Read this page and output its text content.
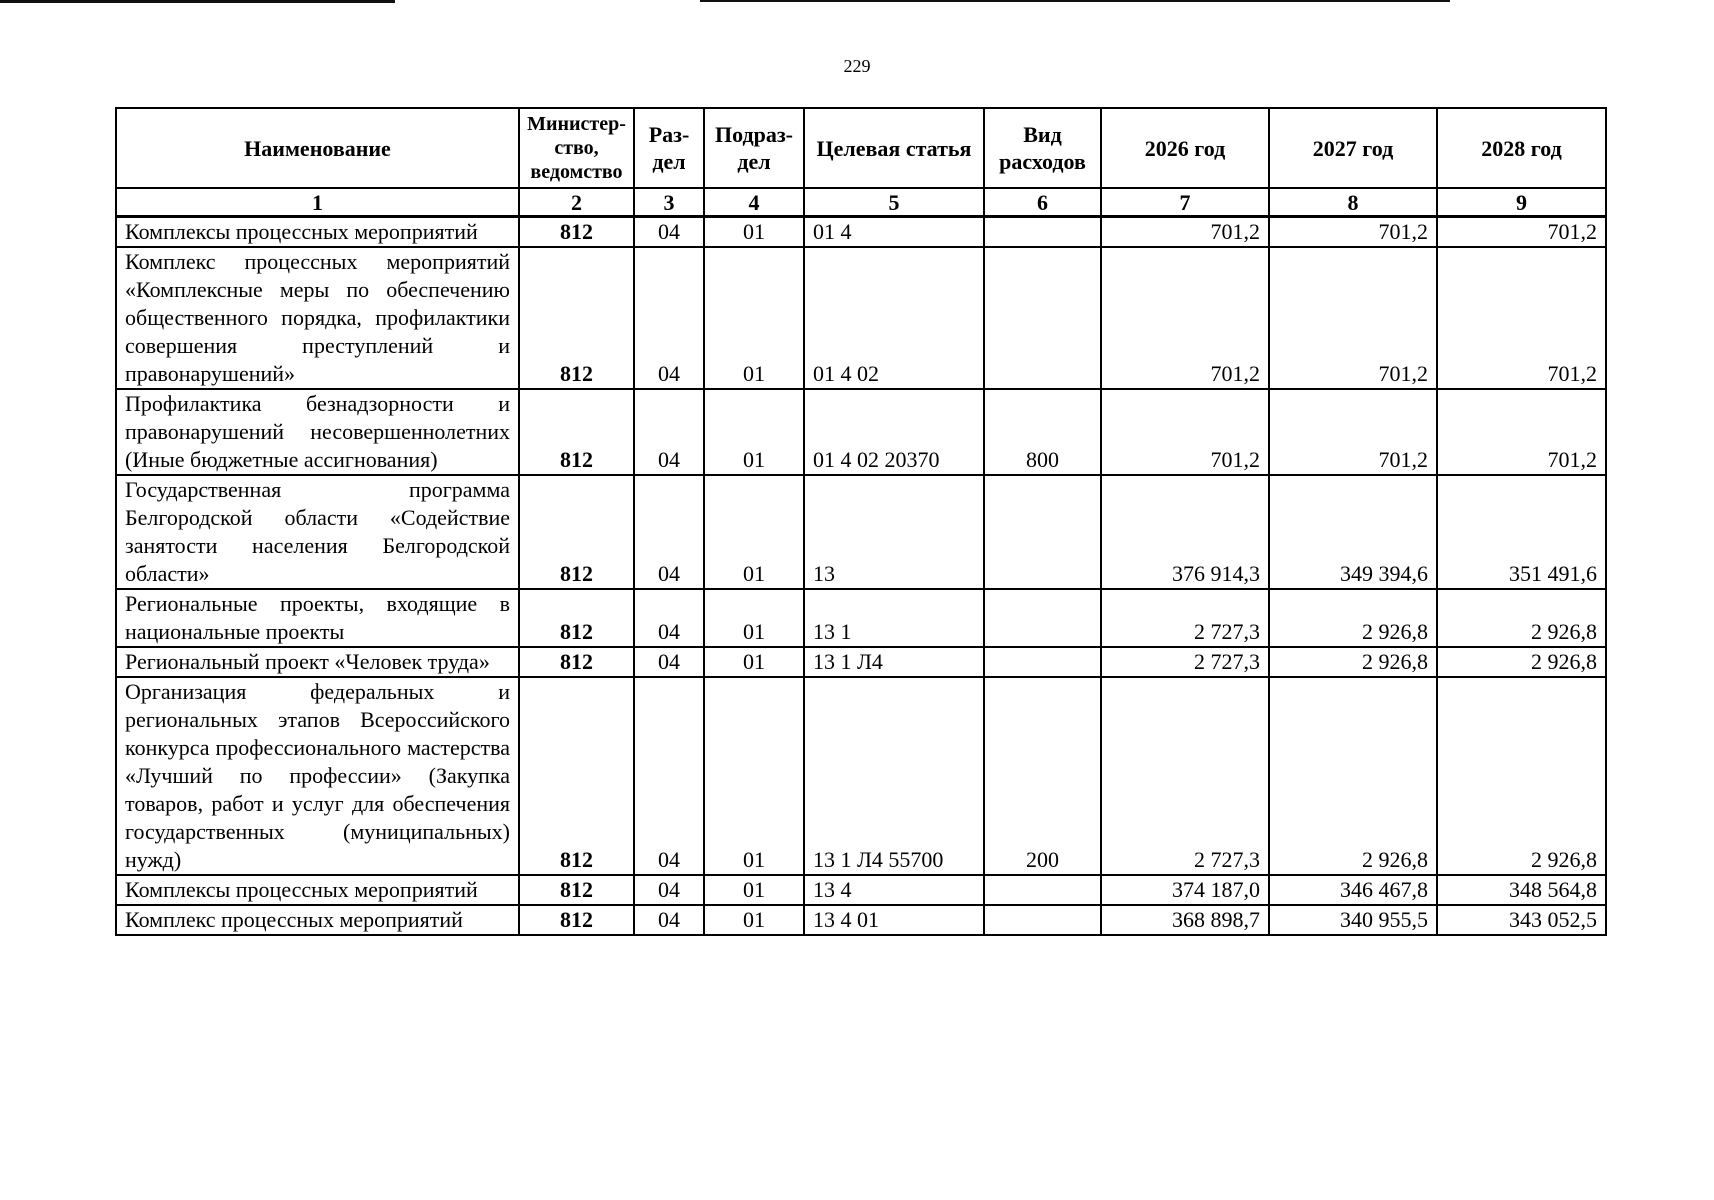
229
Наименование	Министер-ство, ведомство	Раз-дел	Подраз-дел	Целевая статья	Вид расходов	2026 год	2027 год	2028 год
1	2	3	4	5	6	7	8	9
Комплексы процессных мероприятий	812	04	01	01 4		701,2	701,2	701,2
Комплекс процессных мероприятий «Комплексные меры по обеспечению общественного порядка, профилактики совершения преступлений и правонарушений»	812	04	01	01 4 02		701,2	701,2	701,2
Профилактика безнадзорности и правонарушений несовершеннолетних (Иные бюджетные ассигнования)	812	04	01	01 4 02 20370	800	701,2	701,2	701,2
Государственная программа Белгородской области «Содействие занятости населения Белгородской области»	812	04	01	13		376 914,3	349 394,6	351 491,6
Региональные проекты, входящие в национальные проекты	812	04	01	13 1		2 727,3	2 926,8	2 926,8
Региональный проект «Человек труда»	812	04	01	13 1 Л4		2 727,3	2 926,8	2 926,8
Организация федеральных и региональных этапов Всероссийского конкурса профессионального мастерства «Лучший по профессии» (Закупка товаров, работ и услуг для обеспечения государственных (муниципальных) нужд)	812	04	01	13 1 Л4 55700	200	2 727,3	2 926,8	2 926,8
Комплексы процессных мероприятий	812	04	01	13 4		374 187,0	346 467,8	348 564,8
Комплекс процессных мероприятий	812	04	01	13 4 01		368 898,7	340 955,5	343 052,5
